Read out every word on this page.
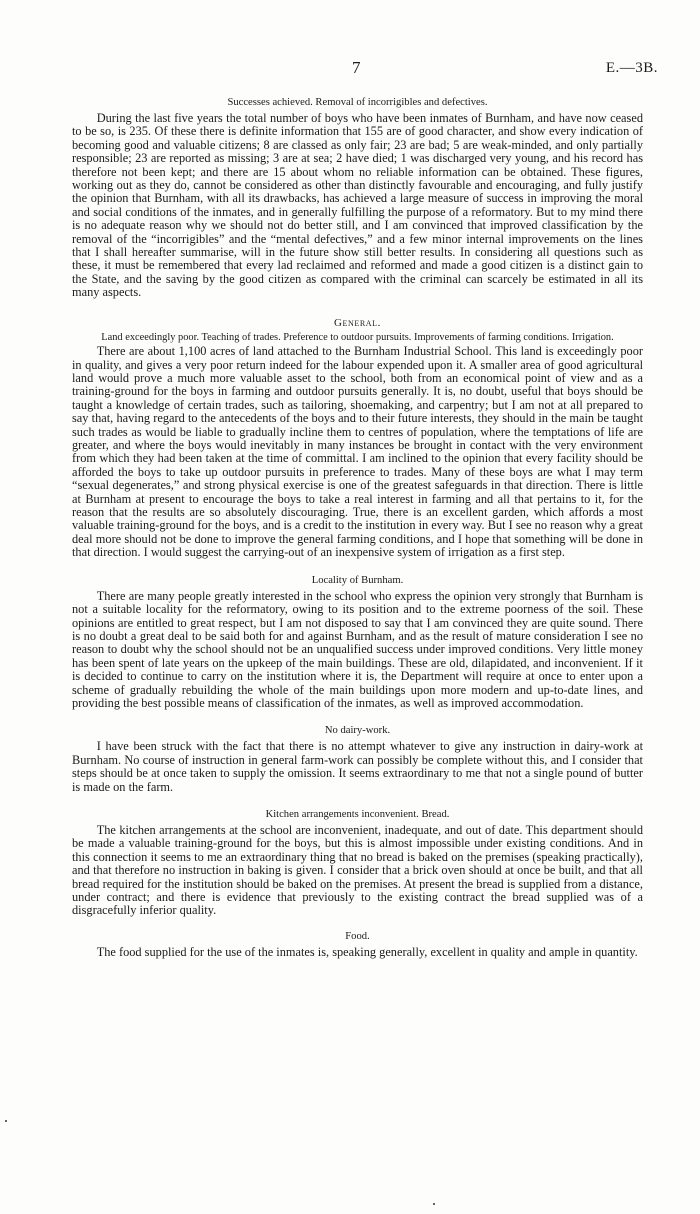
7	E.—3B.
Successes achieved. Removal of incorrigibles and defectives.

During the last five years the total number of boys who have been inmates of Burnham, and have now ceased to be so, is 235. Of these there is definite information that 155 are of good character, and show every indication of becoming good and valuable citizens; 8 are classed as only fair; 23 are bad; 5 are weak-minded, and only partially responsible; 23 are reported as missing; 3 are at sea; 2 have died; 1 was discharged very young, and his record has therefore not been kept; and there are 15 about whom no reliable information can be obtained. These figures, working out as they do, cannot be considered as other than distinctly favourable and encouraging, and fully justify the opinion that Burnham, with all its drawbacks, has achieved a large measure of success in improving the moral and social conditions of the inmates, and in generally fulfilling the purpose of a reformatory. But to my mind there is no adequate reason why we should not do better still, and I am convinced that improved classification by the removal of the “incorrigibles” and the “mental defectives,” and a few minor internal improvements on the lines that I shall hereafter summarise, will in the future show still better results. In considering all questions such as these, it must be remembered that every lad reclaimed and reformed and made a good citizen is a distinct gain to the State, and the saving by the good citizen as compared with the criminal can scarcely be estimated in all its many aspects.

General.
Land exceedingly poor. Teaching of trades. Preference to outdoor pursuits. Improvements of farming conditions. Irrigation.

There are about 1,100 acres of land attached to the Burnham Industrial School. This land is exceedingly poor in quality, and gives a very poor return indeed for the labour expended upon it. A smaller area of good agricultural land would prove a much more valuable asset to the school, both from an economical point of view and as a training-ground for the boys in farming and outdoor pursuits generally. It is, no doubt, useful that boys should be taught a knowledge of certain trades, such as tailoring, shoemaking, and carpentry; but I am not at all prepared to say that, having regard to the antecedents of the boys and to their future interests, they should in the main be taught such trades as would be liable to gradually incline them to centres of population, where the temptations of life are greater, and where the boys would inevitably in many instances be brought in contact with the very environment from which they had been taken at the time of committal. I am inclined to the opinion that every facility should be afforded the boys to take up outdoor pursuits in preference to trades. Many of these boys are what I may term “sexual degenerates,” and strong physical exercise is one of the greatest safeguards in that direction. There is little at Burnham at present to encourage the boys to take a real interest in farming and all that pertains to it, for the reason that the results are so absolutely discouraging. True, there is an excellent garden, which affords a most valuable training-ground for the boys, and is a credit to the institution in every way. But I see no reason why a great deal more should not be done to improve the general farming conditions, and I hope that something will be done in that direction. I would suggest the carrying-out of an inexpensive system of irrigation as a first step.

Locality of Burnham.

There are many people greatly interested in the school who express the opinion very strongly that Burnham is not a suitable locality for the reformatory, owing to its position and to the extreme poorness of the soil. These opinions are entitled to great respect, but I am not disposed to say that I am convinced they are quite sound. There is no doubt a great deal to be said both for and against Burnham, and as the result of mature consideration I see no reason to doubt why the school should not be an unqualified success under improved conditions. Very little money has been spent of late years on the upkeep of the main buildings. These are old, dilapidated, and inconvenient. If it is decided to continue to carry on the institution where it is, the Department will require at once to enter upon a scheme of gradually rebuilding the whole of the main buildings upon more modern and up-to-date lines, and providing the best possible means of classification of the inmates, as well as improved accommodation.

No dairy-work.

I have been struck with the fact that there is no attempt whatever to give any instruction in dairy-work at Burnham. No course of instruction in general farm-work can possibly be complete without this, and I consider that steps should be at once taken to supply the omission. It seems extraordinary to me that not a single pound of butter is made on the farm.

Kitchen arrangements inconvenient. Bread.

The kitchen arrangements at the school are inconvenient, inadequate, and out of date. This department should be made a valuable training-ground for the boys, but this is almost impossible under existing conditions. And in this connection it seems to me an extraordinary thing that no bread is baked on the premises (speaking practically), and that therefore no instruction in baking is given. I consider that a brick oven should at once be built, and that all bread required for the institution should be baked on the premises. At present the bread is supplied from a distance, under contract; and there is evidence that previously to the existing contract the bread supplied was of a disgracefully inferior quality.

Food.

The food supplied for the use of the inmates is, speaking generally, excellent in quality and ample in quantity.
